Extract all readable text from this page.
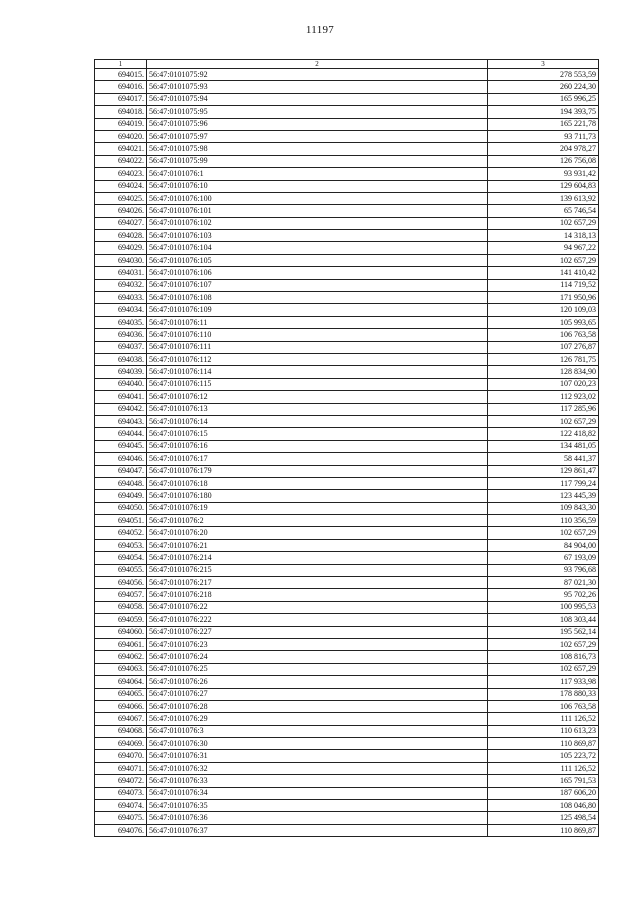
11197
1	2	3
694015.	56:47:0101075:92	278 553,59
694016.	56:47:0101075:93	260 224,30
694017.	56:47:0101075:94	165 996,25
694018.	56:47:0101075:95	194 393,75
694019.	56:47:0101075:96	165 221,78
694020.	56:47:0101075:97	93 711,73
694021.	56:47:0101075:98	204 978,27
694022.	56:47:0101075:99	126 756,08
694023.	56:47:0101076:1	93 931,42
694024.	56:47:0101076:10	129 604,83
694025.	56:47:0101076:100	139 613,92
694026.	56:47:0101076:101	65 746,54
694027.	56:47:0101076:102	102 657,29
694028.	56:47:0101076:103	14 318,13
694029.	56:47:0101076:104	94 967,22
694030.	56:47:0101076:105	102 657,29
694031.	56:47:0101076:106	141 410,42
694032.	56:47:0101076:107	114 719,52
694033.	56:47:0101076:108	171 950,96
694034.	56:47:0101076:109	120 109,03
694035.	56:47:0101076:11	105 993,65
694036.	56:47:0101076:110	106 763,58
694037.	56:47:0101076:111	107 276,87
694038.	56:47:0101076:112	126 781,75
694039.	56:47:0101076:114	128 834,90
694040.	56:47:0101076:115	107 020,23
694041.	56:47:0101076:12	112 923,02
694042.	56:47:0101076:13	117 285,96
694043.	56:47:0101076:14	102 657,29
694044.	56:47:0101076:15	122 418,82
694045.	56:47:0101076:16	134 481,05
694046.	56:47:0101076:17	58 441,37
694047.	56:47:0101076:179	129 861,47
694048.	56:47:0101076:18	117 799,24
694049.	56:47:0101076:180	123 445,39
694050.	56:47:0101076:19	109 843,30
694051.	56:47:0101076:2	110 356,59
694052.	56:47:0101076:20	102 657,29
694053.	56:47:0101076:21	84 904,00
694054.	56:47:0101076:214	67 193,09
694055.	56:47:0101076:215	93 796,68
694056.	56:47:0101076:217	87 021,30
694057.	56:47:0101076:218	95 702,26
694058.	56:47:0101076:22	100 995,53
694059.	56:47:0101076:222	108 303,44
694060.	56:47:0101076:227	195 562,14
694061.	56:47:0101076:23	102 657,29
694062.	56:47:0101076:24	108 816,73
694063.	56:47:0101076:25	102 657,29
694064.	56:47:0101076:26	117 933,98
694065.	56:47:0101076:27	178 880,33
694066.	56:47:0101076:28	106 763,58
694067.	56:47:0101076:29	111 126,52
694068.	56:47:0101076:3	110 613,23
694069.	56:47:0101076:30	110 869,87
694070.	56:47:0101076:31	105 223,72
694071.	56:47:0101076:32	111 126,52
694072.	56:47:0101076:33	165 791,53
694073.	56:47:0101076:34	187 606,20
694074.	56:47:0101076:35	108 046,80
694075.	56:47:0101076:36	125 498,54
694076.	56:47:0101076:37	110 869,87
